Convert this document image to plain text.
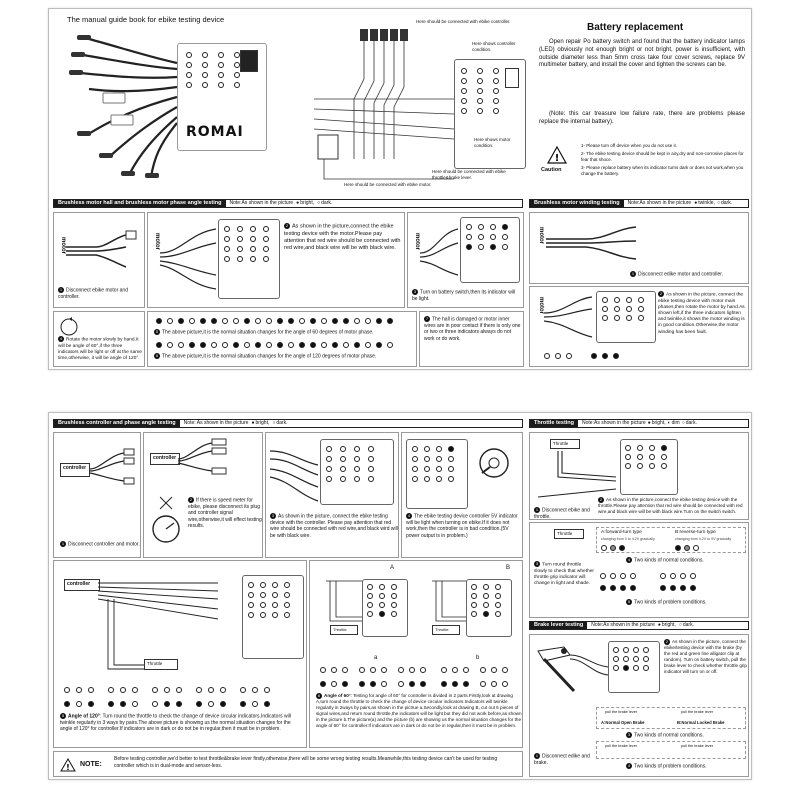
The manual guide book for ebike testing device
ROMAI
Here should be connected with ebike controller.
Here shows controller condition.
Here shows motor condition.
Here should be connected with ebike throttle&brake lever.
Here should be connected with ebike motor.
Battery replacement
Open repair Po battery switch and found that the battery indicator lamps (LED) obviously not enough bright or not bright, power is insufficient, with outside diameter less than 5mm cross take four cover screws, replace 9V multimeter battery, and install the cover and tighten the screws can be.
(Note: this car treasure low failure rate, there are problems please replace the internal battery).
!
Caution
1- Please turn off device when you do not use it.
2- The ebike testing device should be kept in airy,dry and non-corrosive places for fear that shoce.
3- Please replace battery when its indicator turns dark or does not work,when you change the battery.
Brushless motor hall and brushless motor phase angle testing	Note:As shown in the picture ● bright, ○ dark.
motor
1 Disconnect ebike motor and controller.
motor
2 As shown in the picture,connect the ebike testing device with the motor.Please pay attention that red wire should be connected with red wire,and black wire will be with black wire.	motor
3 Turn on battery switch,then its indicator will be light.
4 Rotate the motor slowly by hand.It will be angle of 60°,if the three indicators will be light or off at the same time,otherwise, it will be angle of 120°.
5 The above picture,it is the normal situation changes for the angle of 60 degrees of motor phase.
6 The above picture,it is the normal situation changes for the angle of 120 degrees of motor phase.
7 The hall is damaged or motor inner wires are in poor contact if there is only one or two or three indicators always do not work or do work.
Brushless motor winding testing	Note:As shown in the picture ● twinkle, ○ dark.
motor
1 Disconnect edike motor and controller.
motor
2 As shown in the picture, connect the ebike testing device with motor main phases,then rotate the motor by hand.As shown left,if the three indicators lighten and twinkle,it shows the motor winding is in good condition.Otherwise,the motor winding has been fault.
Brushless controller and phase angle testing	Note: As shown in the picture ● bright, ○ dark.
controller
1 Disconnect controller and motor.
controller
2 If there is speed meter for ebike, please disconnect its plug and controller signal wire,otherwise,it will effect testing results.
3 As shown in the picture, connect the ebike testing device with the controller. Please pay attention that red wire should be connected with red wire,and black wird will be with black wire.
4 The ebike testing device controller 5V indicator will be light when turning on ebike.If it does not work,then the controller is in bad condition.(5V power output is in problem.)
controller
Throttle
5 Angle of 120°: Turn round the throttle to check the change of device circular indicators.Indicators will twinkle regularly in 3 ways by pairs.The above picture is showing us the normal situation changes for the angle of 120° for controller.If indicators are in dark or do not be in regular,then it must be in problem.
A	B
Throttle	Throttle
a	b
6 Angle of 60°: Testing for angle of 60° for controller is divided in 2 parts.Firstly,look at drawing A,turn round the throttle to check the change of device circular indicators.Indicators will twinkle regularly in 2ways by pairs,as shown in the pictrue a.Secondly,look at drawing B, cut out 5 pieces of signal wires,and return round throttle,the indicators will be light but they did not work before,as shown in the picture b.The picture(a) and the picture (b) are showing us the normal situation changes for the angle of 60° for controller.If indicators are in dark or do not be in regular,then it must be in problem.
! NOTE:
Before testing controller,we'd better to test throttle&brake lever firstly,otherwise,there will be some wrong testing results.Meanwhile,this testing device can't be used for testing controller which is in dual-mode and sensor-less.
Throttle testing	Note:As shown in the picture ● bright, ◐ dim ○ dark.
Throttle
1 Disconnect ebike and throttle.
2 As shown in the picture,connect the ebike testing device with the throttle.Please pay attention that red wire should be connected with red wire,and black wire will be with black wire.Turn on the switch switch.
Throttle
3 Turn round throttle slowly to check that whether throttle grip indicator will change in light and shade.
A:forward-turn type
changing from 0 to 4.2V gradually
B:reverse-turn type
changing from 4.2V to 0V gradually
4 Two kinds of normal conditions.
5 Two kinds of problem conditions.
Brake lever testing	Note:As shown in the picture ● bright, ○ dark.
2 As shown in the picture, connect the ebike/testing device with the brake (by the red and green line alligator clip at random). Turn on battery switch, pull the brake lever to check whether throttle grip indicator will turn on or off.
pull the brake lever	pull the brake lever
A:Normal Open Brake	B:Normal Locked Brake
3 Two kinds of normal conditions.
pull the brake lever	pull the brake lever
1 Disconnect edike and brake.	4 Two kinds of problem conditions.
